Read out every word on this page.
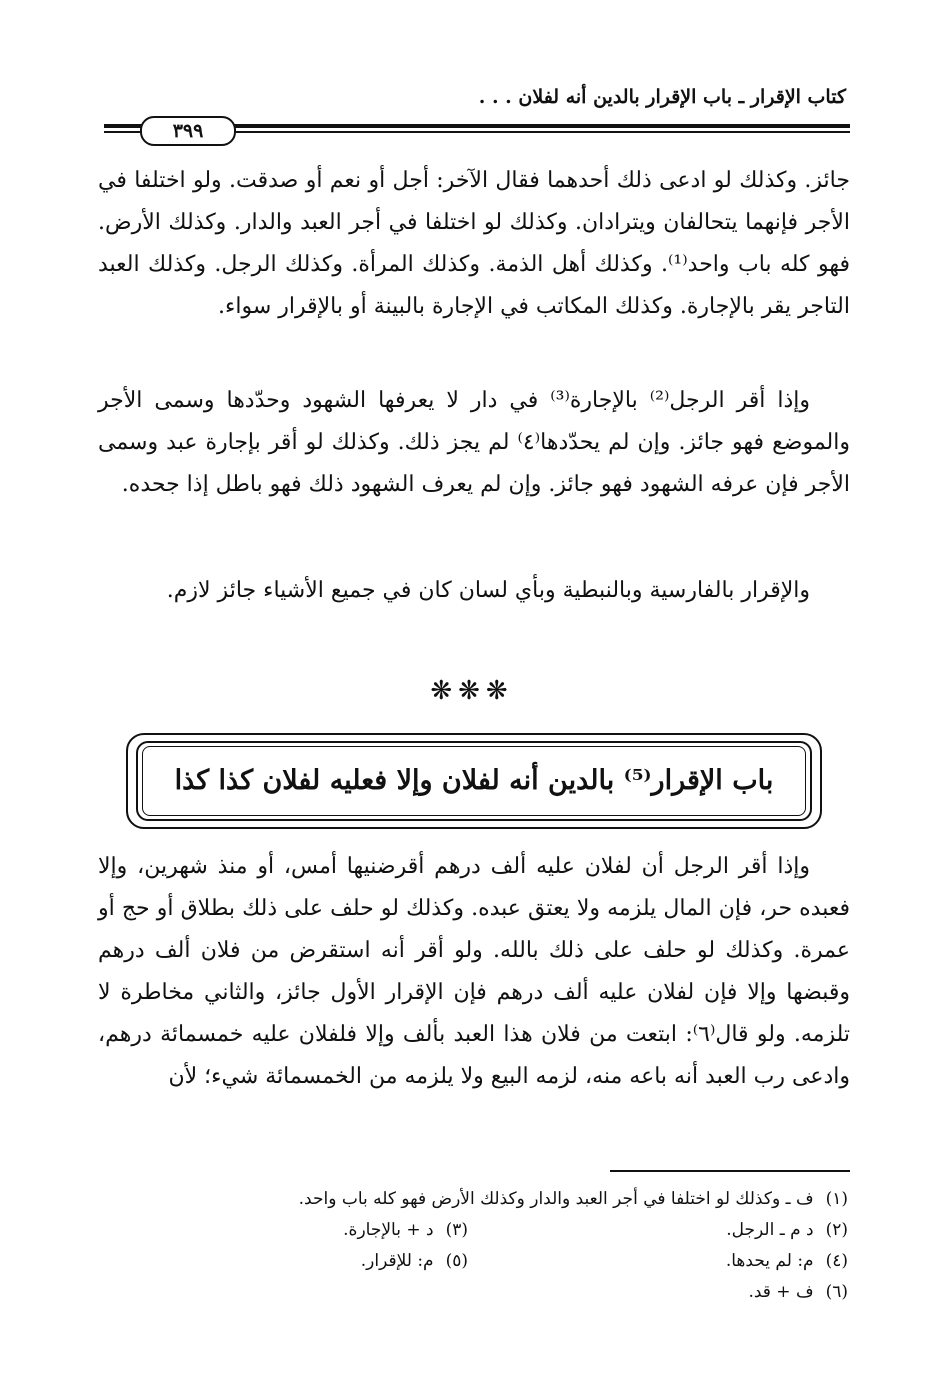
كتاب الإقرار ـ باب الإقرار بالدين أنه لفلان . . .
٣٩٩

جائز. وكذلك لو ادعى ذلك أحدهما فقال الآخر: أجل أو نعم أو صدقت. ولو اختلفا في الأجر فإنهما يتحالفان ويترادان. وكذلك لو اختلفا في أجر العبد والدار. وكذلك الأرض. فهو كله باب واحد⁽¹⁾. وكذلك أهل الذمة. وكذلك المرأة. وكذلك الرجل. وكذلك العبد التاجر يقر بالإجارة. وكذلك المكاتب في الإجارة بالبينة أو بالإقرار سواء.

وإذا أقر الرجل⁽²⁾ بالإجارة⁽³⁾ في دار لا يعرفها الشهود وحدّدها وسمى الأجر والموضع فهو جائز. وإن لم يحدّدها⁽٤⁾ لم يجز ذلك. وكذلك لو أقر بإجارة عبد وسمى الأجر فإن عرفه الشهود فهو جائز. وإن لم يعرف الشهود ذلك فهو باطل إذا جحده.

والإقرار بالفارسية وبالنبطية وبأي لسان كان في جميع الأشياء جائز لازم.

❋❋❋
باب الإقرار⁽⁵⁾ بالدين أنه لفلان وإلا فعليه لفلان كذا كذا

وإذا أقر الرجل أن لفلان عليه ألف درهم أقرضنيها أمس، أو منذ شهرين، وإلا فعبده حر، فإن المال يلزمه ولا يعتق عبده. وكذلك لو حلف على ذلك بطلاق أو حج أو عمرة. وكذلك لو حلف على ذلك بالله. ولو أقر أنه استقرض من فلان ألف درهم وقبضها وإلا فإن لفلان عليه ألف درهم فإن الإقرار الأول جائز، والثاني مخاطرة لا تلزمه. ولو قال⁽٦⁾: ابتعت من فلان هذا العبد بألف وإلا فلفلان عليه خمسمائة درهم، وادعى رب العبد أنه باعه منه، لزمه البيع ولا يلزمه من الخمسمائة شيء؛ لأن

(١)ف ـ وكذلك لو اختلفا في أجر العبد والدار وكذلك الأرض فهو كله باب واحد.
(٢)د م ـ الرجل.
(٣)د + بالإجارة.
(٤)م: لم يحدها.
(٥)م: للإقرار.
(٦)ف + قد.
